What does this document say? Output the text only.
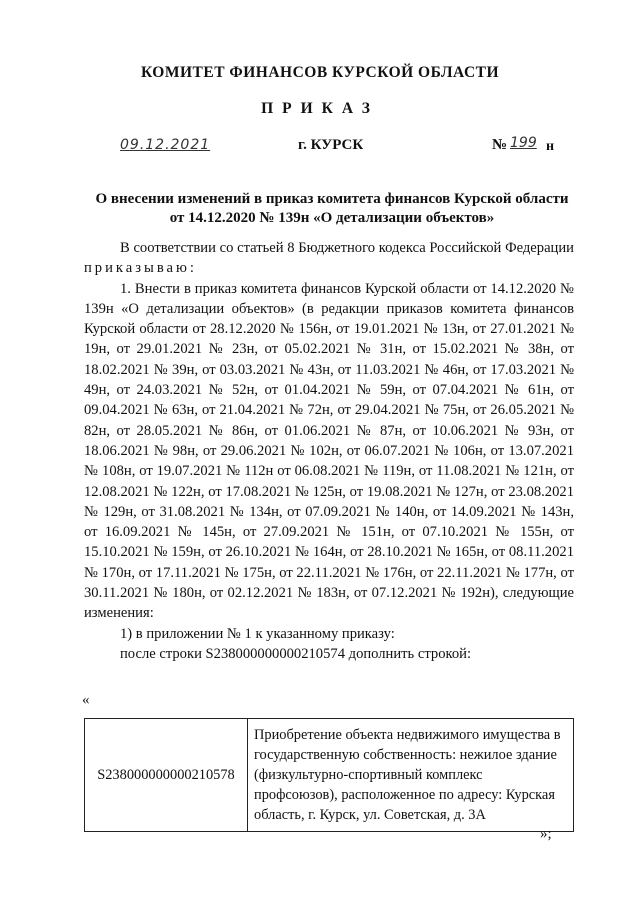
КОМИТЕТ ФИНАНСОВ КУРСКОЙ ОБЛАСТИ
ПРИКАЗ
09.12.2021	г. КУРСК	№ 199 н
О внесении изменений в приказ комитета финансов Курской области
от 14.12.2020 № 139н «О детализации объектов»

В соответствии со статьей 8 Бюджетного кодекса Российской Федерации приказываю:

1. Внести в приказ комитета финансов Курской области от 14.12.2020 № 139н «О детализации объектов» (в редакции приказов комитета финансов Курской области от 28.12.2020 № 156н, от 19.01.2021 № 13н, от 27.01.2021 № 19н, от 29.01.2021 № 23н, от 05.02.2021 № 31н, от 15.02.2021 № 38н, от 18.02.2021 № 39н, от 03.03.2021 № 43н, от 11.03.2021 № 46н, от 17.03.2021 № 49н, от 24.03.2021 № 52н, от 01.04.2021 № 59н, от 07.04.2021 № 61н, от 09.04.2021 № 63н, от 21.04.2021 № 72н, от 29.04.2021 № 75н, от 26.05.2021 № 82н, от 28.05.2021 № 86н, от 01.06.2021 № 87н, от 10.06.2021 № 93н, от 18.06.2021 № 98н, от 29.06.2021 № 102н, от 06.07.2021 № 106н, от 13.07.2021 № 108н, от 19.07.2021 № 112н от 06.08.2021 № 119н, от 11.08.2021 № 121н, от 12.08.2021 № 122н, от 17.08.2021 № 125н, от 19.08.2021 № 127н, от 23.08.2021 № 129н, от 31.08.2021 № 134н, от 07.09.2021 № 140н, от 14.09.2021 № 143н, от 16.09.2021 № 145н, от 27.09.2021 № 151н, от 07.10.2021 № 155н, от 15.10.2021 № 159н, от 26.10.2021 № 164н, от 28.10.2021 № 165н, от 08.11.2021 № 170н, от 17.11.2021 № 175н, от 22.11.2021 № 176н, от 22.11.2021 № 177н, от 30.11.2021 № 180н, от 02.12.2021 № 183н, от 07.12.2021 № 192н), следующие изменения:

1) в приложении № 1 к указанному приказу:

после строки S238000000000210574 дополнить строкой:

«
S238000000000210578	Приобретение объекта недвижимого имущества в государственную собственность: нежилое здание (физкультурно-спортивный комплекс профсоюзов), расположенное по адресу: Курская область, г. Курск, ул. Советская, д. 3А
»;
